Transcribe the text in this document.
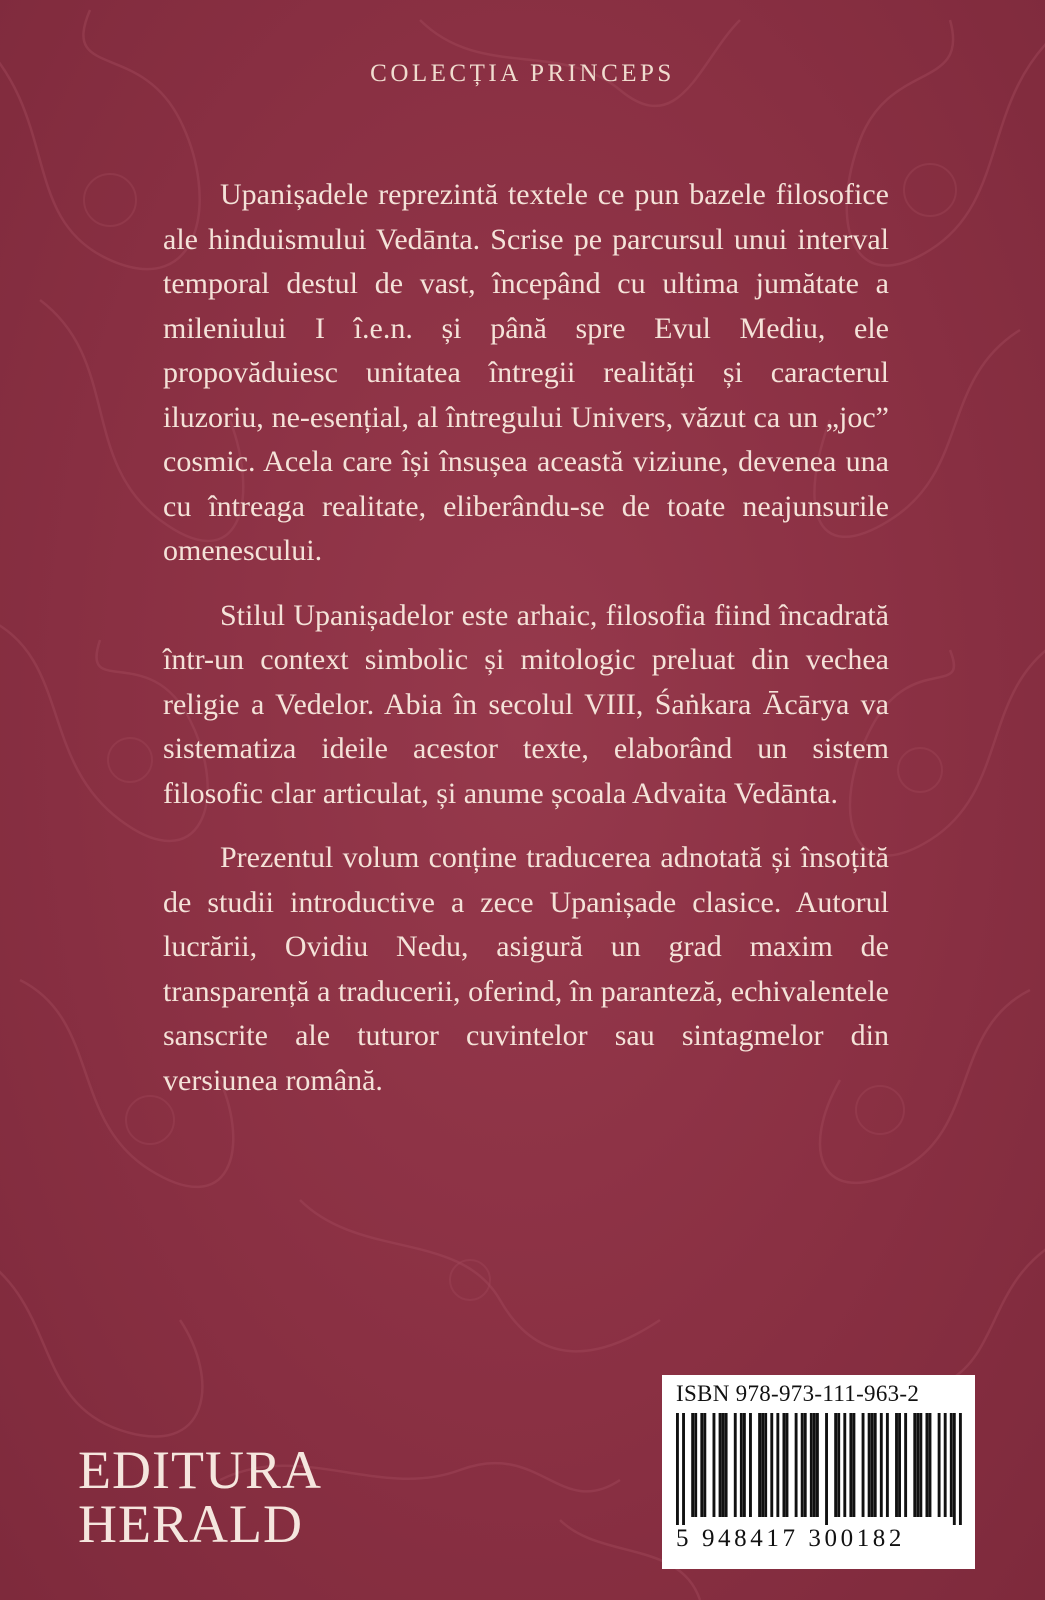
COLECȚIA PRINCEPS

Upanișadele reprezintă textele ce pun bazele filosofice ale hinduismului Vedānta. Scrise pe parcursul unui interval temporal destul de vast, începând cu ultima jumătate a mileniului I î.e.n. și până spre Evul Mediu, ele propovăduiesc unitatea întregii realități și caracterul iluzoriu, ne-esențial, al întregului Univers, văzut ca un „joc” cosmic. Acela care își însușea această viziune, devenea una cu întreaga realitate, eliberându-se de toate neajunsurile omenescului.

Stilul Upanișadelor este arhaic, filosofia fiind încadrată într-un context simbolic și mitologic preluat din vechea religie a Vedelor. Abia în secolul VIII, Śaṅkara Ācārya va sistematiza ideile acestor texte, elaborând un sistem filosofic clar articulat, și anume școala Advaita Vedānta.

Prezentul volum conține traducerea adnotată și însoțită de studii introductive a zece Upanișade clasice. Autorul lucrării, Ovidiu Nedu, asigură un grad maxim de transparență a traducerii, oferind, în paranteză, echivalentele sanscrite ale tuturor cuvintelor sau sintagmelor din versiunea română.

EDITURA
HERALD
ISBN 978-973-111-963-2
5 948417 300182
